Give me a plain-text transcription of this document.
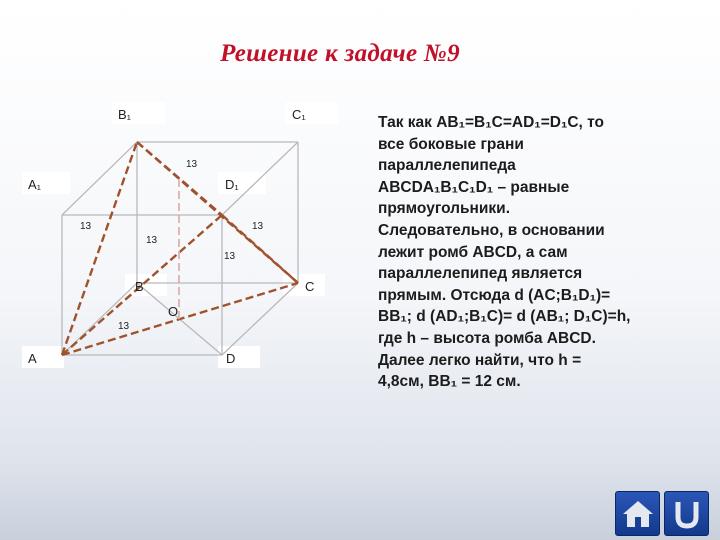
Решение к задаче №9
B₁	C₁
A₁	D₁
B	C
A	D
O
13
13	13
13
13
13

Так как AB₁=B₁C=AD₁=D₁C, то
все боковые грани
параллелепипеда
ABCDA₁B₁C₁D₁ – равные
прямоугольники.
Следовательно, в основании
лежит ромб ABCD, а сам
параллелепипед является
прямым. Отсюда d (AC;B₁D₁)=
BB₁; d (AD₁;B₁C)= d (AB₁; D₁C)=h,
где h – высота ромба ABCD.
Далее легко найти, что h =
4,8см, BB₁ = 12 см.
